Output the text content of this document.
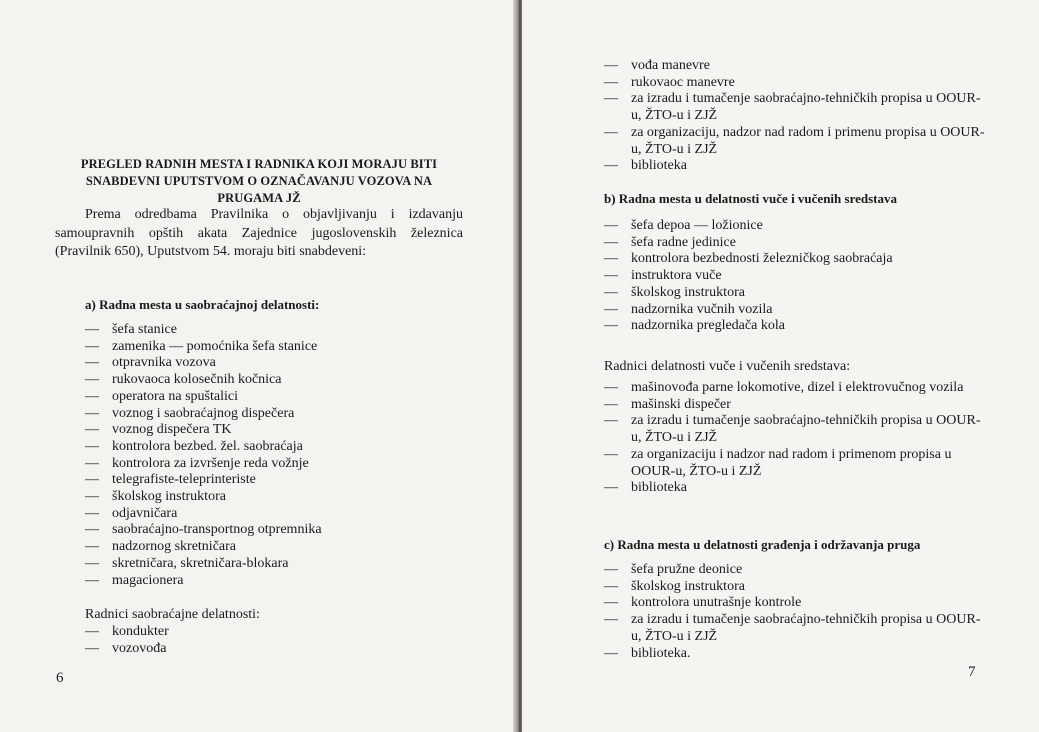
PREGLED RADNIH MESTA I RADNIKA KOJI MORAJU BITI SNABDEVNI UPUTSTVOM O OZNAČAVANJU VOZOVA NA PRUGAMA JŽ
Prema odredbama Pravilnika o objavljivanju i izdavanju samoupravnih opštih akata Zajednice jugoslovenskih železnica (Pravilnik 650), Uputstvom 54. moraju biti snabdeveni:
a) Radna mesta u saobraćajnoj delatnosti:
— šefa stanice
— zamenika — pomoćnika šefa stanice
— otpravnika vozova
— rukovaoca kolosečnih kočnica
— operatora na spuštalici
— voznog i saobraćajnog dispečera
— voznog dispečera TK
— kontrolora bezbed. žel. saobraćaja
— kontrolora za izvršenje reda vožnje
— telegrafiste-teleprinteriste
— školskog instruktora
— odjavničara
— saobraćajno-transportnog otpremnika
— nadzornog skretničara
— skretničara, skretničara-blokara
— magacionera
Radnici saobraćajne delatnosti:
— kondukter
— vozovođa
6
— vođa manevre
— rukovaoc manevre
— za izradu i tumačenje saobraćajno-tehničkih propisa u OOUR-u, ŽTO-u i ZJŽ
— za organizaciju, nadzor nad radom i primenu propisa u OOUR-u, ŽTO-u i ZJŽ
— biblioteka
b) Radna mesta u delatnosti vuče i vučenih sredstava
— šefa depoa — ložionice
— šefa radne jedinice
— kontrolora bezbednosti železničkog saobraćaja
— instruktora vuče
— školskog instruktora
— nadzornika vučnih vozila
— nadzornika pregledača kola
Radnici delatnosti vuče i vučenih sredstava:
— mašinovođa parne lokomotive, dizel i elektrovučnog vozila
— mašinski dispečer
— za izradu i tumačenje saobraćajno-tehničkih propisa u OOUR-u, ŽTO-u i ZJŽ
— za organizaciju i nadzor nad radom i primenom propisa u OOUR-u, ŽTO-u i ZJŽ
— biblioteka
c) Radna mesta u delatnosti građenja i održavanja pruga
— šefa pružne deonice
— školskog instruktora
— kontrolora unutrašnje kontrole
— za izradu i tumačenje saobraćajno-tehničkih propisa u OOUR-u, ŽTO-u i ZJŽ
— biblioteka.
7
